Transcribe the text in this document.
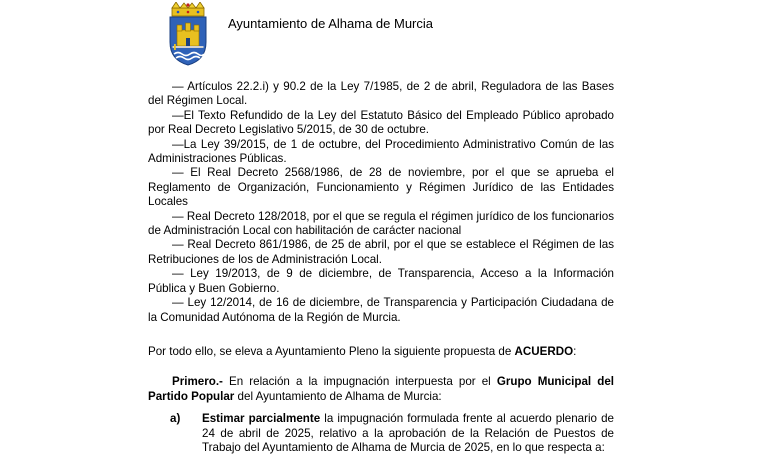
Ayuntamiento de Alhama de Murcia

— Artículos 22.2.i) y 90.2 de la Ley 7/1985, de 2 de abril, Reguladora de las Bases del Régimen Local.

—El Texto Refundido de la Ley del Estatuto Básico del Empleado Público aprobado por Real Decreto Legislativo 5/2015, de 30 de octubre.

—La Ley 39/2015, de 1 de octubre, del Procedimiento Administrativo Común de las Administraciones Públicas.

— El Real Decreto 2568/1986, de 28 de noviembre, por el que se aprueba el Reglamento de Organización, Funcionamiento y Régimen Jurídico de las Entidades Locales

— Real Decreto 128/2018, por el que se regula el régimen jurídico de los funcionarios de Administración Local con habilitación de carácter nacional

— Real Decreto 861/1986, de 25 de abril, por el que se establece el Régimen de las Retribuciones de los de Administración Local.

— Ley 19/2013, de 9 de diciembre, de Transparencia, Acceso a la Información Pública y Buen Gobierno.

— Ley 12/2014, de 16 de diciembre, de Transparencia y Participación Ciudadana de la Comunidad Autónoma de la Región de Murcia.

Por todo ello, se eleva a Ayuntamiento Pleno la siguiente propuesta de ACUERDO:

Primero.- En relación a la impugnación interpuesta por el Grupo Municipal del Partido Popular del Ayuntamiento de Alhama de Murcia:

a) Estimar parcialmente la impugnación formulada frente al acuerdo plenario de 24 de abril de 2025, relativo a la aprobación de la Relación de Puestos de Trabajo del Ayuntamiento de Alhama de Murcia de 2025, en lo que respecta a:
